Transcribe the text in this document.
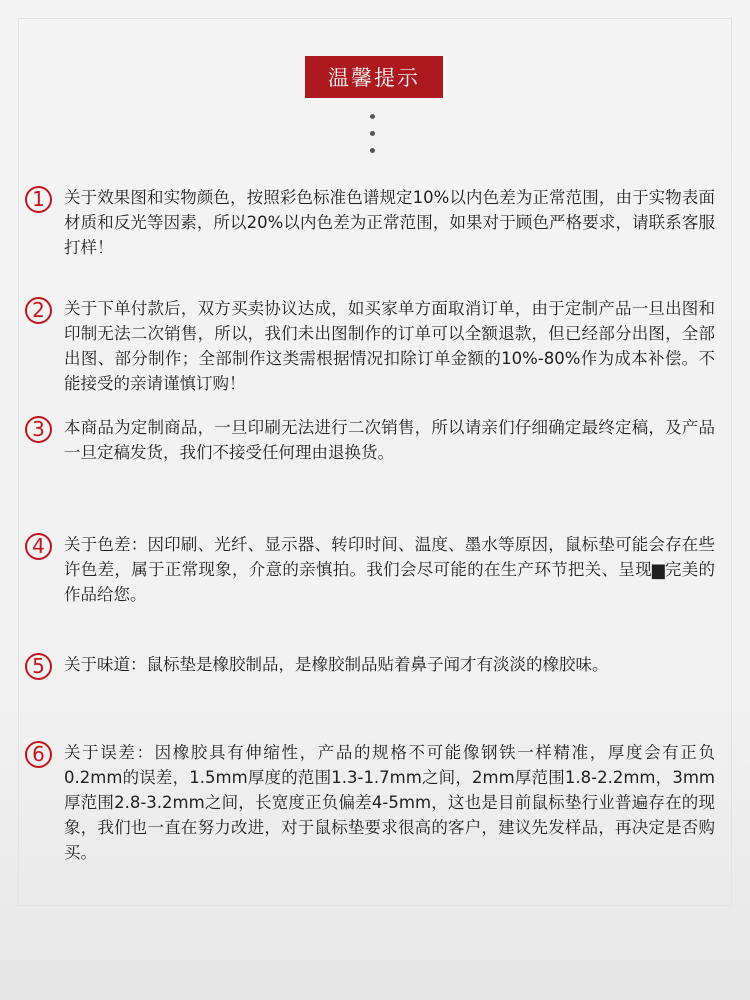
温馨提示
1	关于效果图和实物颜色，按照彩色标准色谱规定10%以内色差为正常范围，由于实物表面材质和反光等因素，所以20%以内色差为正常范围，如果对于顾色严格要求，请联系客服打样！
2	关于下单付款后，双方买卖协议达成，如买家单方面取消订单，由于定制产品一旦出图和印制无法二次销售，所以，我们未出图制作的订单可以全额退款，但已经部分出图，全部出图、部分制作；全部制作这类需根据情况扣除订单金额的10%-80%作为成本补偿。不能接受的亲请谨慎订购！
3	本商品为定制商品，一旦印刷无法进行二次销售，所以请亲们仔细确定最终定稿，及产品一旦定稿发货，我们不接受任何理由退换货。
4	关于色差：因印刷、光纤、显示器、转印时间、温度、墨水等原因，鼠标垫可能会存在些许色差，属于正常现象，介意的亲慎拍。我们会尽可能的在生产环节把关、呈现▆完美的作品给您。
5	关于味道：鼠标垫是橡胶制品，是橡胶制品贴着鼻子闻才有淡淡的橡胶味。
6	关于误差：因橡胶具有伸缩性，产品的规格不可能像钢铁一样精准，厚度会有正负0.2mm的误差，1.5mm厚度的范围1.3-1.7mm之间，2mm厚范围1.8-2.2mm，3mm厚范围2.8-3.2mm之间，长宽度正负偏差4-5mm，这也是目前鼠标垫行业普遍存在的现象，我们也一直在努力改进，对于鼠标垫要求很高的客户，建议先发样品，再决定是否购买。
